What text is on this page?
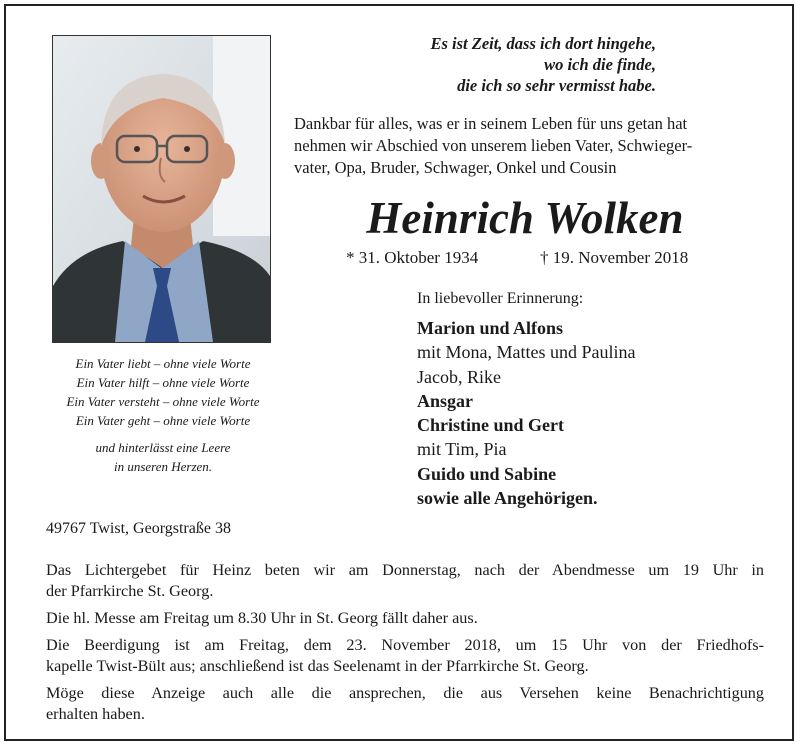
Es ist Zeit, dass ich dort hingehe,
wo ich die finde,
die ich so sehr vermisst habe.
Dankbar für alles, was er in seinem Leben für uns getan hat
nehmen wir Abschied von unserem lieben Vater, Schwieger-
vater, Opa, Bruder, Schwager, Onkel und Cousin
Heinrich Wolken
* 31. Oktober 1934	† 19. November 2018
Ein Vater liebt – ohne viele Worte
Ein Vater hilft – ohne viele Worte
Ein Vater versteht – ohne viele Worte
Ein Vater geht – ohne viele Worte
und hinterlässt eine Leere
in unseren Herzen.
In liebevoller Erinnerung:
Marion und Alfons
mit Mona, Mattes und Paulina
Jacob, Rike
Ansgar
Christine und Gert
mit Tim, Pia
Guido und Sabine
sowie alle Angehörigen.
49767 Twist, Georgstraße 38

Das Lichtergebet für Heinz beten wir am Donnerstag, nach der Abendmesse um 19 Uhr in
der Pfarrkirche St. Georg.

Die hl. Messe am Freitag um 8.30 Uhr in St. Georg fällt daher aus.

Die Beerdigung ist am Freitag, dem 23. November 2018, um 15 Uhr von der Friedhofs-
kapelle Twist-Bült aus; anschließend ist das Seelenamt in der Pfarrkirche St. Georg.

Möge diese Anzeige auch alle die ansprechen, die aus Versehen keine Benachrichtigung
erhalten haben.
